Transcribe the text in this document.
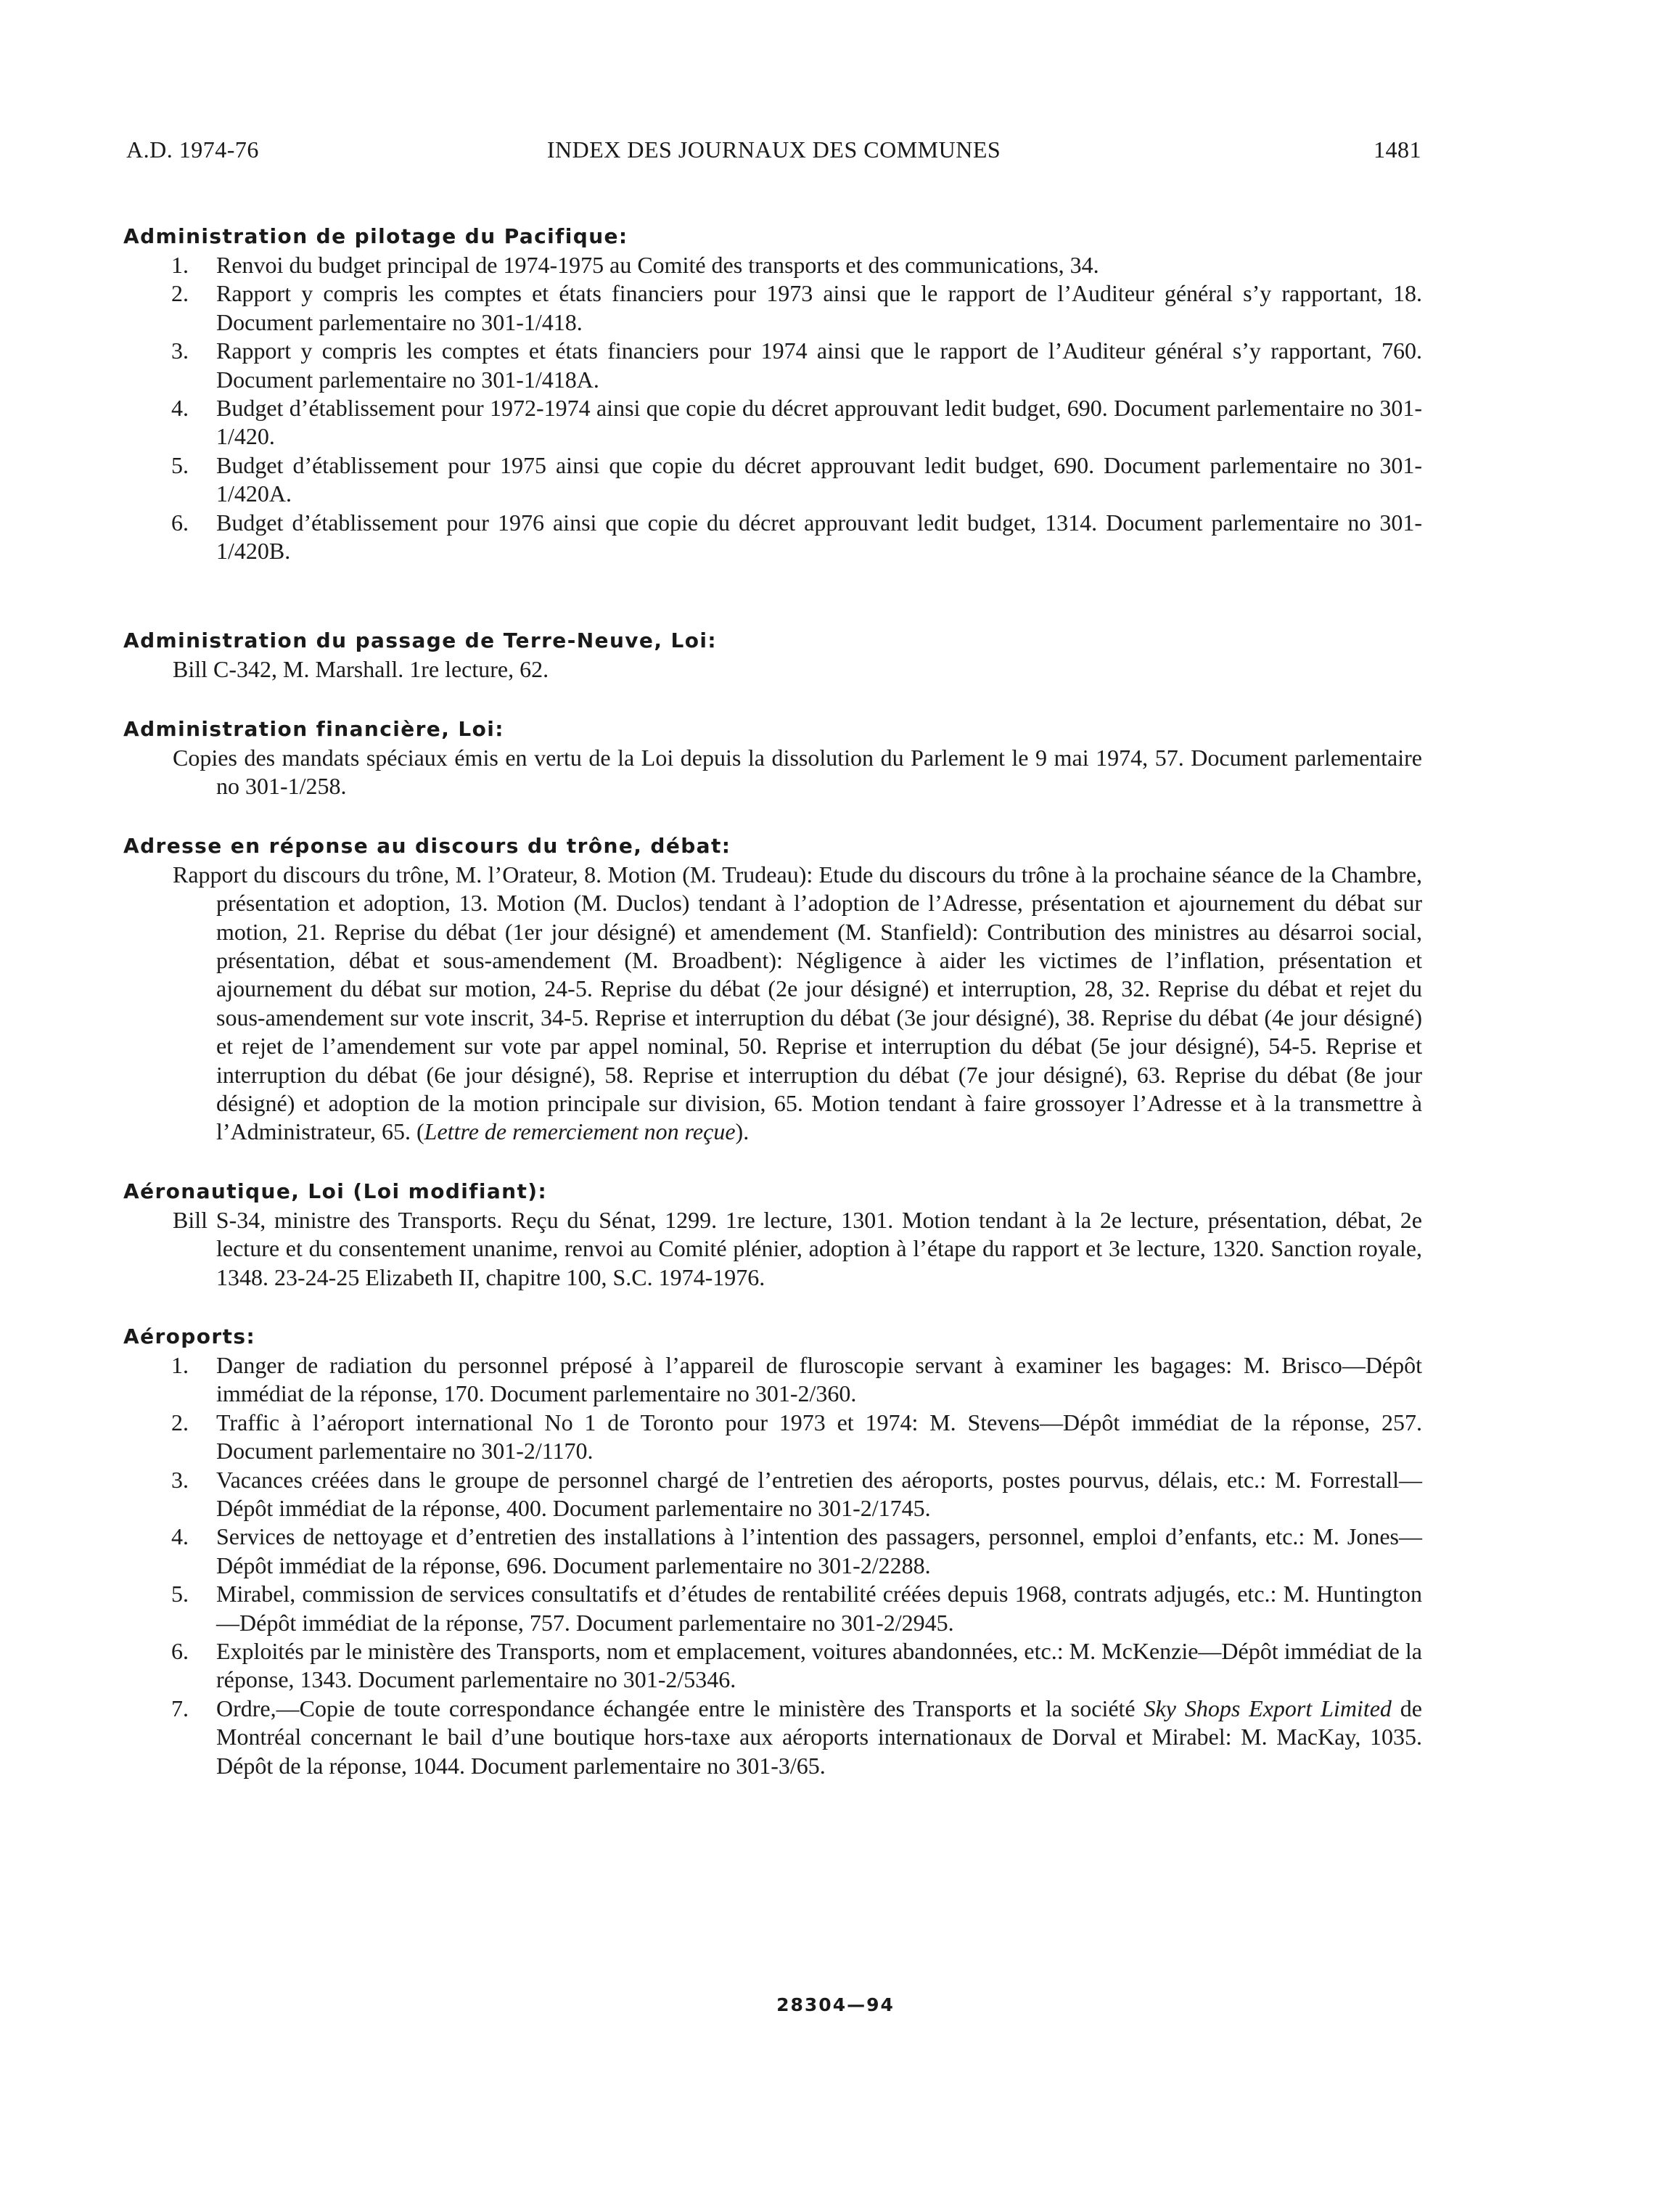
A.D. 1974-76	INDEX DES JOURNAUX DES COMMUNES	1481

Administration de pilotage du Pacifique:

1. Renvoi du budget principal de 1974-1975 au Comité des transports et des communications, 34.
2. Rapport y compris les comptes et états financiers pour 1973 ainsi que le rapport de l’Auditeur général s’y rapportant, 18. Document parlementaire no 301-1/418.
3. Rapport y compris les comptes et états financiers pour 1974 ainsi que le rapport de l’Auditeur général s’y rapportant, 760. Document parlementaire no 301-1/418A.
4. Budget d’établissement pour 1972-1974 ainsi que copie du décret approuvant ledit budget, 690. Document parlementaire no 301-1/420.
5. Budget d’établissement pour 1975 ainsi que copie du décret approuvant ledit budget, 690. Document parlementaire no 301-1/420A.
6. Budget d’établissement pour 1976 ainsi que copie du décret approuvant ledit budget, 1314. Document parlementaire no 301-1/420B.

Administration du passage de Terre-Neuve, Loi:

Bill C-342, M. Marshall. 1re lecture, 62.

Administration financière, Loi:

Copies des mandats spéciaux émis en vertu de la Loi depuis la dissolution du Parlement le 9 mai 1974, 57. Document parlementaire no 301-1/258.

Adresse en réponse au discours du trône, débat:

Rapport du discours du trône, M. l’Orateur, 8. Motion (M. Trudeau): Etude du discours du trône à la prochaine séance de la Chambre, présentation et adoption, 13. Motion (M. Duclos) tendant à l’adoption de l’Adresse, présentation et ajournement du débat sur motion, 21. Reprise du débat (1er jour désigné) et amendement (M. Stanfield): Contribution des ministres au désarroi social, présentation, débat et sous-amendement (M. Broadbent): Négligence à aider les victimes de l’inflation, présentation et ajournement du débat sur motion, 24-5. Reprise du débat (2e jour désigné) et interruption, 28, 32. Reprise du débat et rejet du sous-amendement sur vote inscrit, 34-5. Reprise et interruption du débat (3e jour désigné), 38. Reprise du débat (4e jour désigné) et rejet de l’amendement sur vote par appel nominal, 50. Reprise et interruption du débat (5e jour désigné), 54-5. Reprise et interruption du débat (6e jour désigné), 58. Reprise et interruption du débat (7e jour désigné), 63. Reprise du débat (8e jour désigné) et adoption de la motion principale sur division, 65. Motion tendant à faire grossoyer l’Adresse et à la transmettre à l’Administrateur, 65. (Lettre de remerciement non reçue).

Aéronautique, Loi (Loi modifiant):

Bill S-34, ministre des Transports. Reçu du Sénat, 1299. 1re lecture, 1301. Motion tendant à la 2e lecture, présentation, débat, 2e lecture et du consentement unanime, renvoi au Comité plénier, adoption à l’étape du rapport et 3e lecture, 1320. Sanction royale, 1348. 23-24-25 Elizabeth II, chapitre 100, S.C. 1974-1976.

Aéroports:

1. Danger de radiation du personnel préposé à l’appareil de fluroscopie servant à examiner les bagages: M. Brisco—Dépôt immédiat de la réponse, 170. Document parlementaire no 301-2/360.
2. Traffic à l’aéroport international No 1 de Toronto pour 1973 et 1974: M. Stevens—Dépôt immédiat de la réponse, 257. Document parlementaire no 301-2/1170.
3. Vacances créées dans le groupe de personnel chargé de l’entretien des aéroports, postes pourvus, délais, etc.: M. Forrestall—Dépôt immédiat de la réponse, 400. Document parlementaire no 301-2/1745.
4. Services de nettoyage et d’entretien des installations à l’intention des passagers, personnel, emploi d’enfants, etc.: M. Jones—Dépôt immédiat de la réponse, 696. Document parlementaire no 301-2/2288.
5. Mirabel, commission de services consultatifs et d’études de rentabilité créées depuis 1968, contrats adjugés, etc.: M. Huntington—Dépôt immédiat de la réponse, 757. Document parlementaire no 301-2/2945.
6. Exploités par le ministère des Transports, nom et emplacement, voitures abandonnées, etc.: M. McKenzie—Dépôt immédiat de la réponse, 1343. Document parlementaire no 301-2/5346.
7. Ordre,—Copie de toute correspondance échangée entre le ministère des Transports et la société Sky Shops Export Limited de Montréal concernant le bail d’une boutique hors-taxe aux aéroports internationaux de Dorval et Mirabel: M. MacKay, 1035. Dépôt de la réponse, 1044. Document parlementaire no 301-3/65.
28304—94
